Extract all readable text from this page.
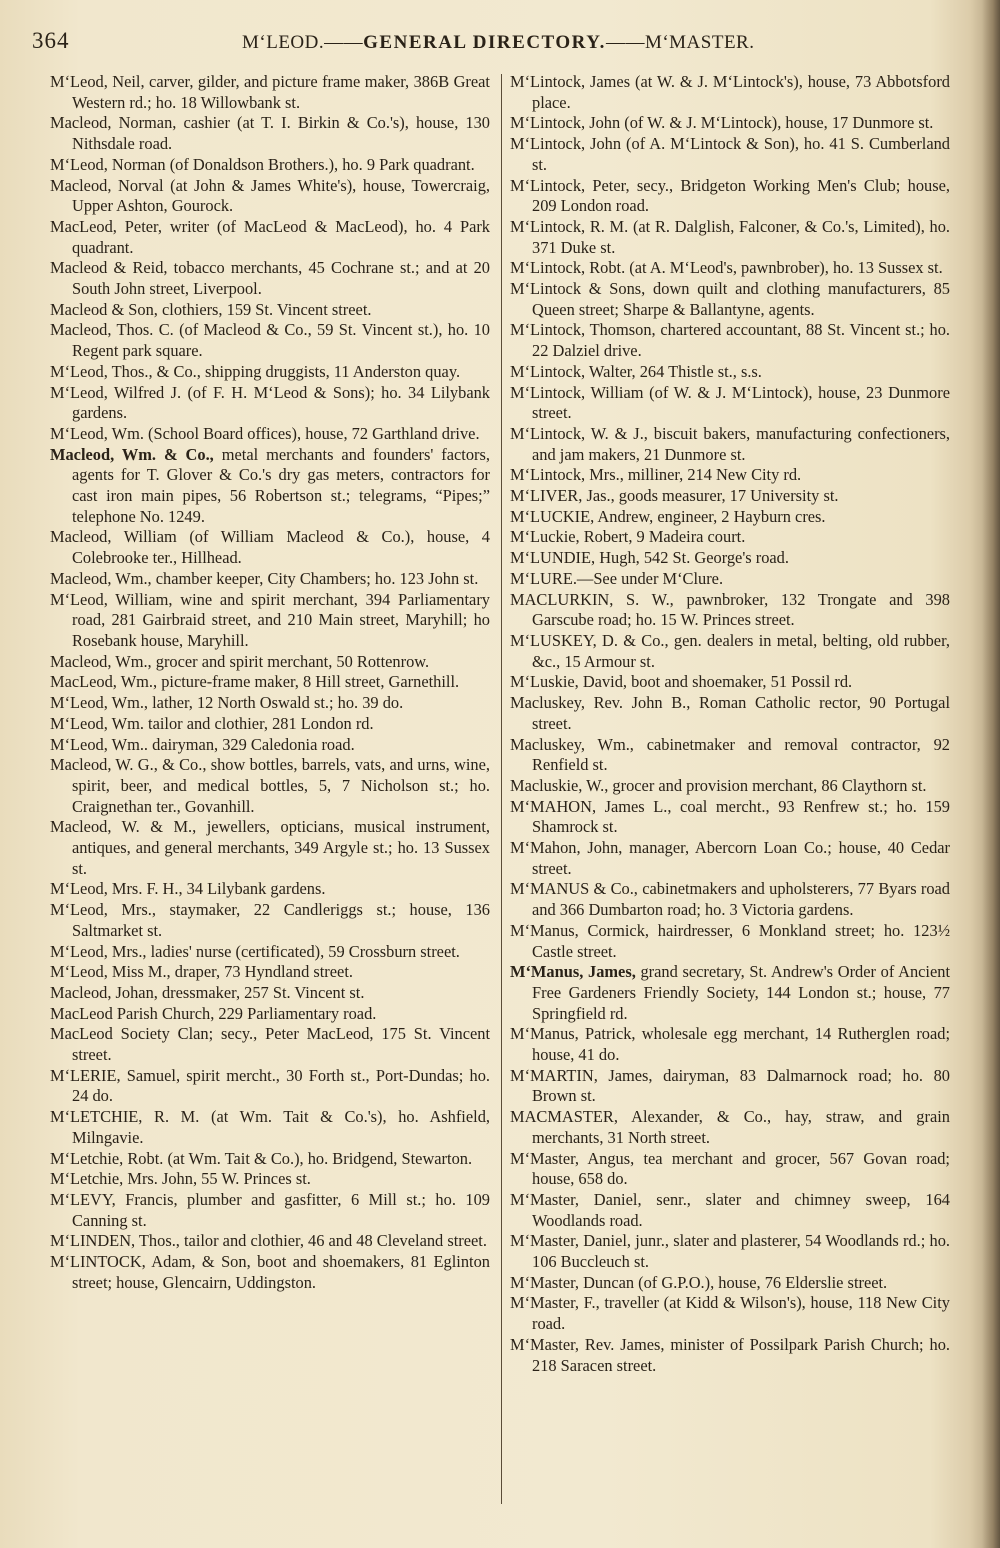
364	M‘LEOD.——GENERAL DIRECTORY.——M‘MASTER.

M‘Leod, Neil, carver, gilder, and picture frame maker, 386B Great Western rd.; ho. 18 Willowbank st.

Macleod, Norman, cashier (at T. I. Birkin & Co.'s), house, 130 Nithsdale road.

M‘Leod, Norman (of Donaldson Brothers.), ho. 9 Park quadrant.

Macleod, Norval (at John & James White's), house, Towercraig, Upper Ashton, Gourock.

MacLeod, Peter, writer (of MacLeod & MacLeod), ho. 4 Park quadrant.

Macleod & Reid, tobacco merchants, 45 Cochrane st.; and at 20 South John street, Liverpool.

Macleod & Son, clothiers, 159 St. Vincent street.

Macleod, Thos. C. (of Macleod & Co., 59 St. Vincent st.), ho. 10 Regent park square.

M‘Leod, Thos., & Co., shipping druggists, 11 Anderston quay.

M‘Leod, Wilfred J. (of F. H. M‘Leod & Sons); ho. 34 Lilybank gardens.

M‘Leod, Wm. (School Board offices), house, 72 Garthland drive.

Macleod, Wm. & Co., metal merchants and founders' factors, agents for T. Glover & Co.'s dry gas meters, contractors for cast iron main pipes, 56 Robertson st.; telegrams, “Pipes;” telephone No. 1249.

Macleod, William (of William Macleod & Co.), house, 4 Colebrooke ter., Hillhead.

Macleod, Wm., chamber keeper, City Chambers; ho. 123 John st.

M‘Leod, William, wine and spirit merchant, 394 Parliamentary road, 281 Gairbraid street, and 210 Main street, Maryhill; ho Rosebank house, Maryhill.

Macleod, Wm., grocer and spirit merchant, 50 Rottenrow.

MacLeod, Wm., picture-frame maker, 8 Hill street, Garnethill.

M‘Leod, Wm., lather, 12 North Oswald st.; ho. 39 do.

M‘Leod, Wm. tailor and clothier, 281 London rd.

M‘Leod, Wm.. dairyman, 329 Caledonia road.

Macleod, W. G., & Co., show bottles, barrels, vats, and urns, wine, spirit, beer, and medical bottles, 5, 7 Nicholson st.; ho. Craignethan ter., Govanhill.

Macleod, W. & M., jewellers, opticians, musical instrument, antiques, and general merchants, 349 Argyle st.; ho. 13 Sussex st.

M‘Leod, Mrs. F. H., 34 Lilybank gardens.

M‘Leod, Mrs., staymaker, 22 Candleriggs st.; house, 136 Saltmarket st.

M‘Leod, Mrs., ladies' nurse (certificated), 59 Crossburn street.

M‘Leod, Miss M., draper, 73 Hyndland street.

Macleod, Johan, dressmaker, 257 St. Vincent st.

MacLeod Parish Church, 229 Parliamentary road.

MacLeod Society Clan; secy., Peter MacLeod, 175 St. Vincent street.

M‘LERIE, Samuel, spirit mercht., 30 Forth st., Port-Dundas; ho. 24 do.

M‘LETCHIE, R. M. (at Wm. Tait & Co.'s), ho. Ashfield, Milngavie.

M‘Letchie, Robt. (at Wm. Tait & Co.), ho. Bridgend, Stewarton.

M‘Letchie, Mrs. John, 55 W. Princes st.

M‘LEVY, Francis, plumber and gasfitter, 6 Mill st.; ho. 109 Canning st.

M‘LINDEN, Thos., tailor and clothier, 46 and 48 Cleveland street.

M‘LINTOCK, Adam, & Son, boot and shoemakers, 81 Eglinton street; house, Glencairn, Uddingston.

M‘Lintock, James (at W. & J. M‘Lintock's), house, 73 Abbotsford place.

M‘Lintock, John (of W. & J. M‘Lintock), house, 17 Dunmore st.

M‘Lintock, John (of A. M‘Lintock & Son), ho. 41 S. Cumberland st.

M‘Lintock, Peter, secy., Bridgeton Working Men's Club; house, 209 London road.

M‘Lintock, R. M. (at R. Dalglish, Falconer, & Co.'s, Limited), ho. 371 Duke st.

M‘Lintock, Robt. (at A. M‘Leod's, pawnbrober), ho. 13 Sussex st.

M‘Lintock & Sons, down quilt and clothing manufacturers, 85 Queen street; Sharpe & Ballantyne, agents.

M‘Lintock, Thomson, chartered accountant, 88 St. Vincent st.; ho. 22 Dalziel drive.

M‘Lintock, Walter, 264 Thistle st., s.s.

M‘Lintock, William (of W. & J. M‘Lintock), house, 23 Dunmore street.

M‘Lintock, W. & J., biscuit bakers, manufacturing confectioners, and jam makers, 21 Dunmore st.

M‘Lintock, Mrs., milliner, 214 New City rd.

M‘LIVER, Jas., goods measurer, 17 University st.

M‘LUCKIE, Andrew, engineer, 2 Hayburn cres.

M‘Luckie, Robert, 9 Madeira court.

M‘LUNDIE, Hugh, 542 St. George's road.

M‘LURE.—See under M‘Clure.

MACLURKIN, S. W., pawnbroker, 132 Trongate and 398 Garscube road; ho. 15 W. Princes street.

M‘LUSKEY, D. & Co., gen. dealers in metal, belting, old rubber, &c., 15 Armour st.

M‘Luskie, David, boot and shoemaker, 51 Possil rd.

Macluskey, Rev. John B., Roman Catholic rector, 90 Portugal street.

Macluskey, Wm., cabinetmaker and removal contractor, 92 Renfield st.

Macluskie, W., grocer and provision merchant, 86 Claythorn st.

M‘MAHON, James L., coal mercht., 93 Renfrew st.; ho. 159 Shamrock st.

M‘Mahon, John, manager, Abercorn Loan Co.; house, 40 Cedar street.

M‘MANUS & Co., cabinetmakers and upholsterers, 77 Byars road and 366 Dumbarton road; ho. 3 Victoria gardens.

M‘Manus, Cormick, hairdresser, 6 Monkland street; ho. 123½ Castle street.

M‘Manus, James, grand secretary, St. Andrew's Order of Ancient Free Gardeners Friendly Society, 144 London st.; house, 77 Springfield rd.

M‘Manus, Patrick, wholesale egg merchant, 14 Rutherglen road; house, 41 do.

M‘MARTIN, James, dairyman, 83 Dalmarnock road; ho. 80 Brown st.

MACMASTER, Alexander, & Co., hay, straw, and grain merchants, 31 North street.

M‘Master, Angus, tea merchant and grocer, 567 Govan road; house, 658 do.

M‘Master, Daniel, senr., slater and chimney sweep, 164 Woodlands road.

M‘Master, Daniel, junr., slater and plasterer, 54 Woodlands rd.; ho. 106 Buccleuch st.

M‘Master, Duncan (of G.P.O.), house, 76 Elderslie street.

M‘Master, F., traveller (at Kidd & Wilson's), house, 118 New City road.

M‘Master, Rev. James, minister of Possilpark Parish Church; ho. 218 Saracen street.
